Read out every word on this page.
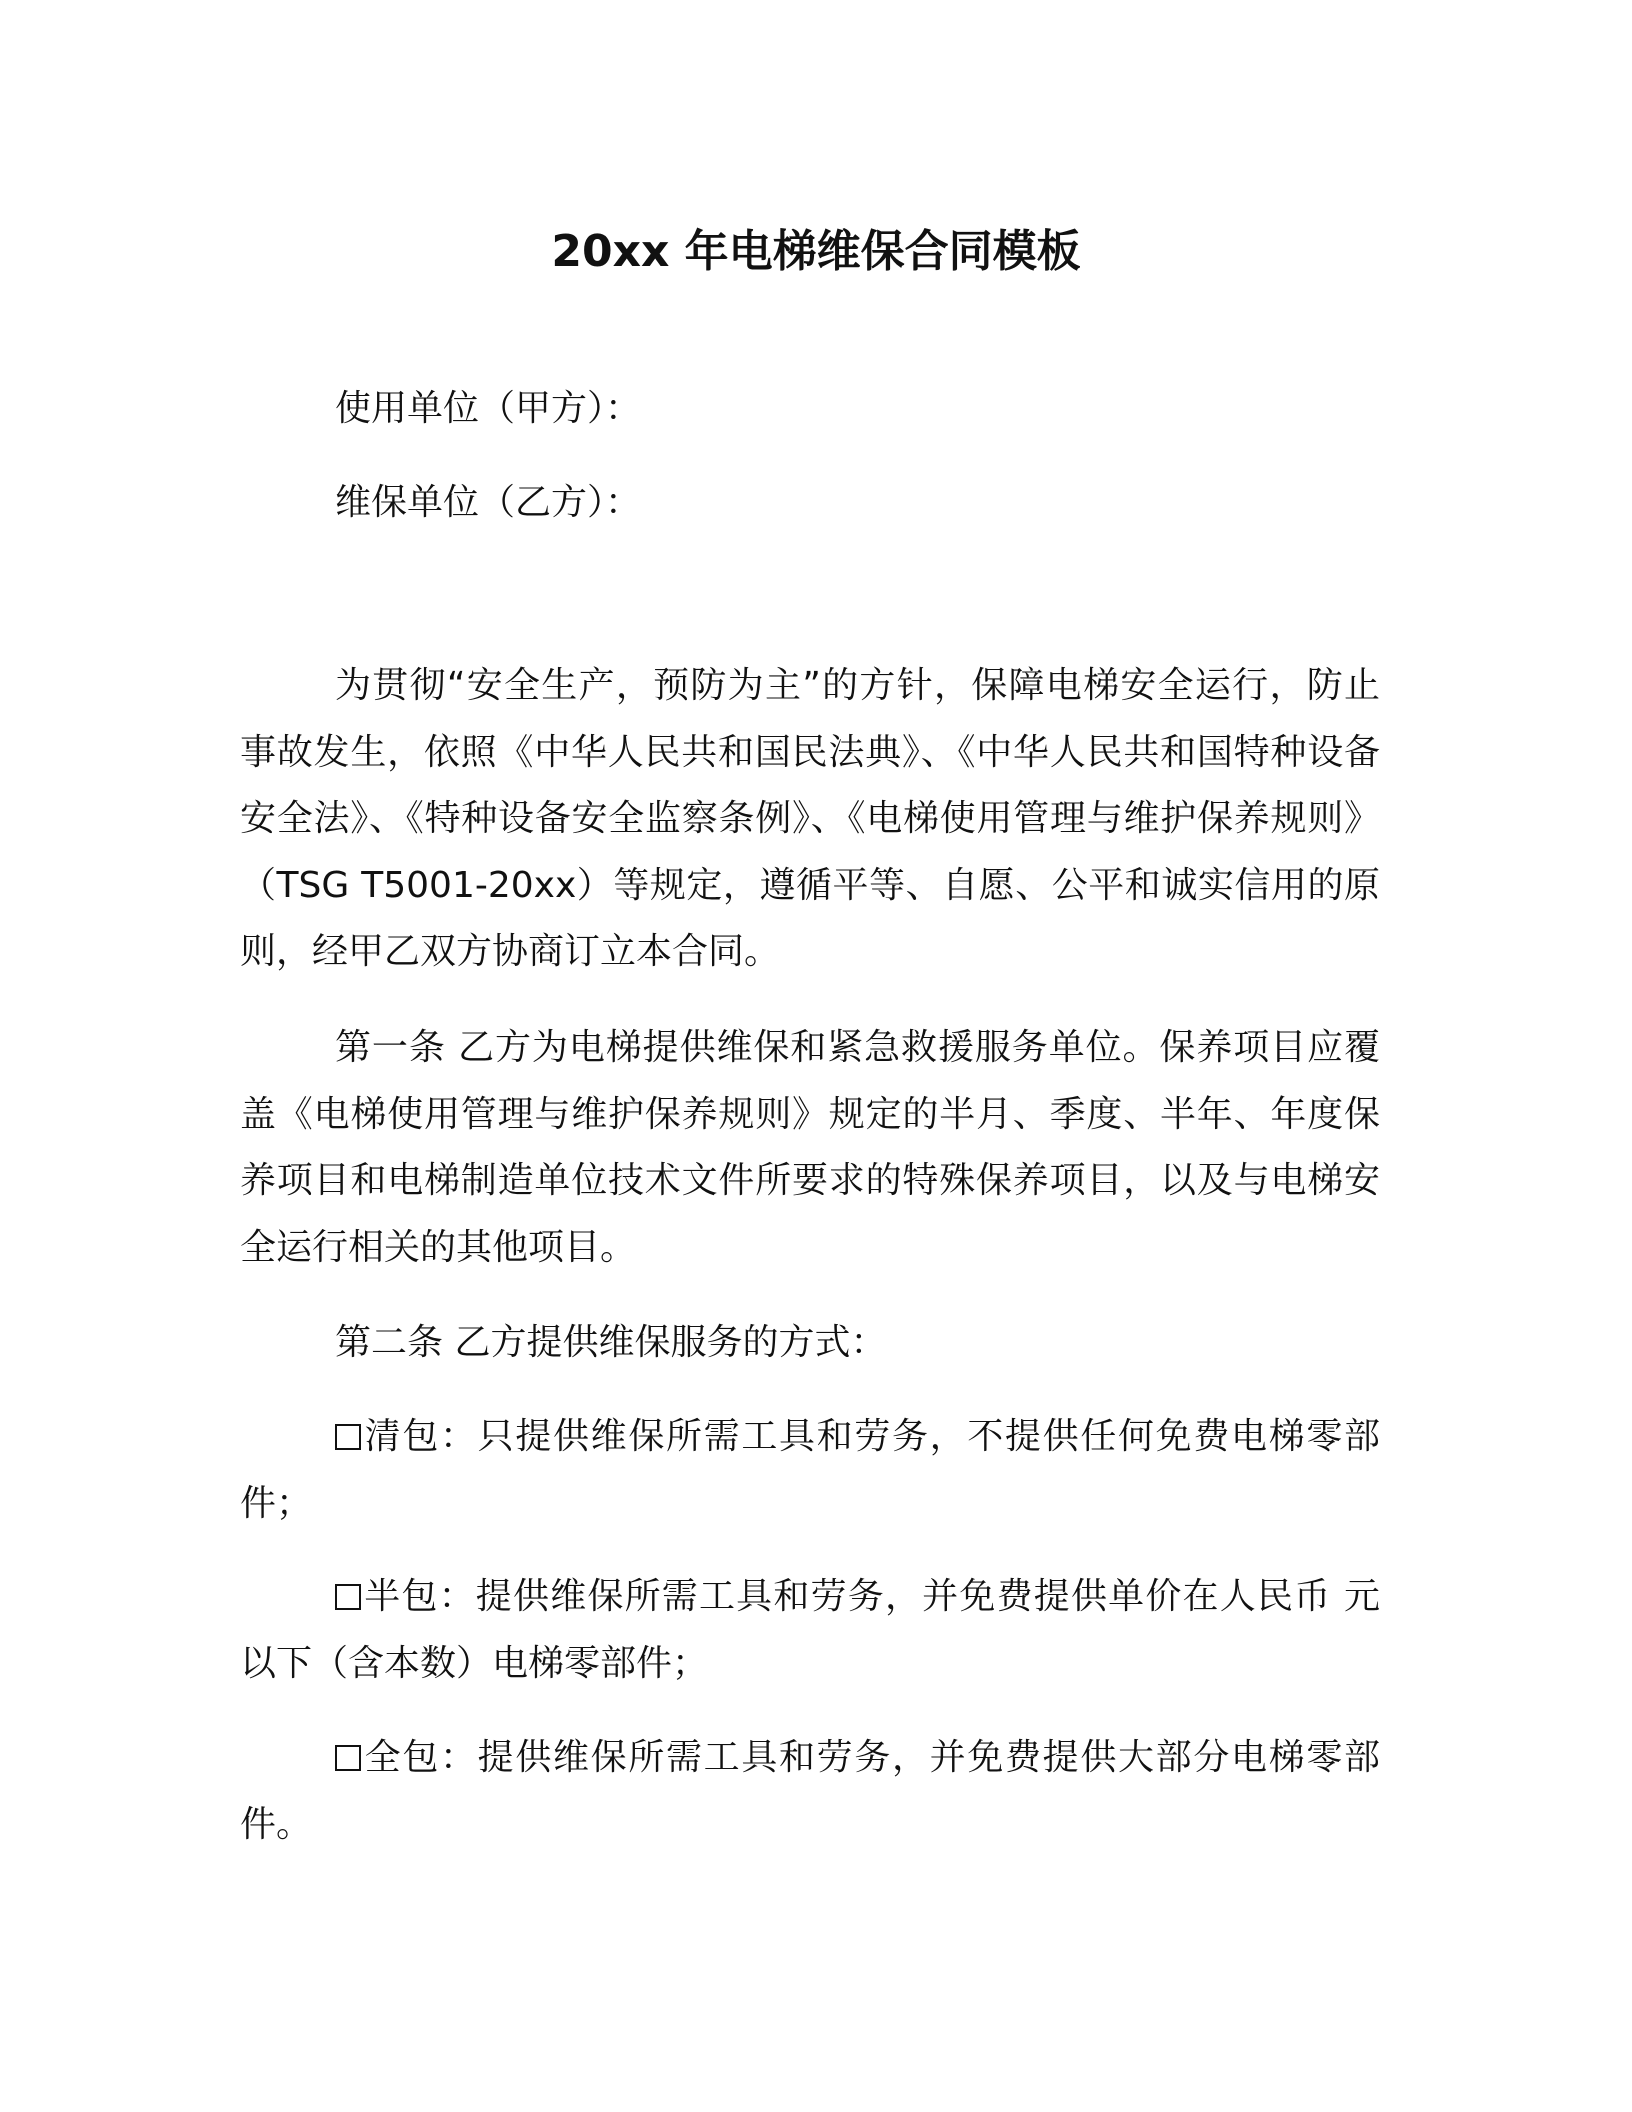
20xx 年电梯维保合同模板
使用单位（甲方）：
维保单位（乙方）：

为贯彻“安全生产，预防为主”的方针，保障电梯安全运行，防止事故发生，依照《中华人民共和国民法典》、《中华人民共和国特种设备安全法》、《特种设备安全监察条例》、《电梯使用管理与维护保养规则》（TSG T5001-20xx）等规定，遵循平等、自愿、公平和诚实信用的原则，经甲乙双方协商订立本合同。

第一条 乙方为电梯提供维保和紧急救援服务单位。保养项目应覆盖《电梯使用管理与维护保养规则》规定的半月、季度、半年、年度保养项目和电梯制造单位技术文件所要求的特殊保养项目，以及与电梯安全运行相关的其他项目。

第二条 乙方提供维保服务的方式：

清包：只提供维保所需工具和劳务，不提供任何免费电梯零部件；

半包：提供维保所需工具和劳务，并免费提供单价在人民币 元以下（含本数）电梯零部件；

全包：提供维保所需工具和劳务，并免费提供大部分电梯零部件。
